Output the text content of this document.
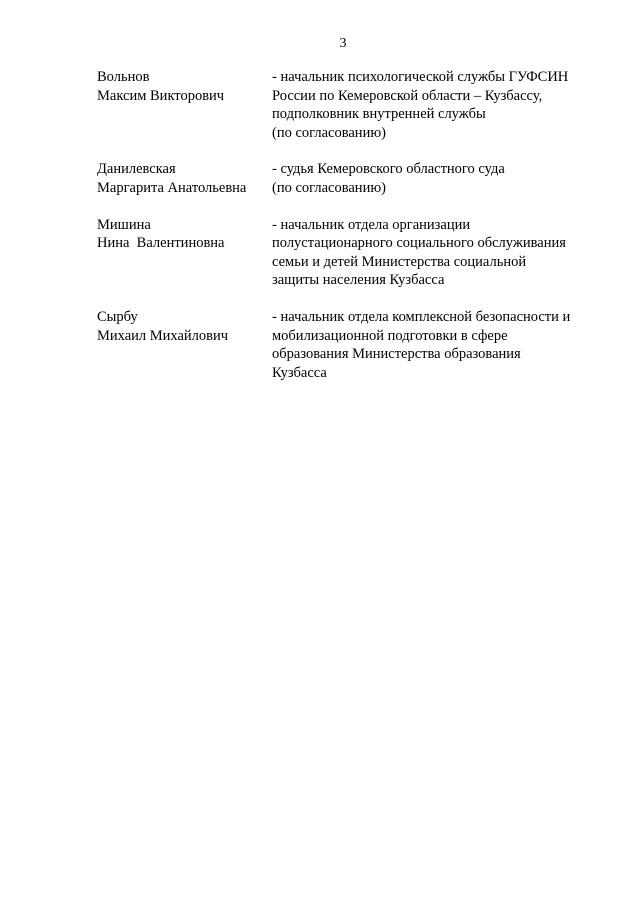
3
Вольнов
Максим Викторович
- начальник психологической службы ГУФСИН
России по Кемеровской области – Кузбассу,
подполковник внутренней службы
(по согласованию)
Данилевская
Маргарита Анатольевна
- судья Кемеровского областного суда
(по согласованию)
Мишина
Нина  Валентиновна
- начальник отдела организации
полустационарного социального обслуживания
семьи и детей Министерства социальной
защиты населения Кузбасса
Сырбу
Михаил Михайлович
- начальник отдела комплексной безопасности и
мобилизационной подготовки в сфере
образования Министерства образования
Кузбасса
